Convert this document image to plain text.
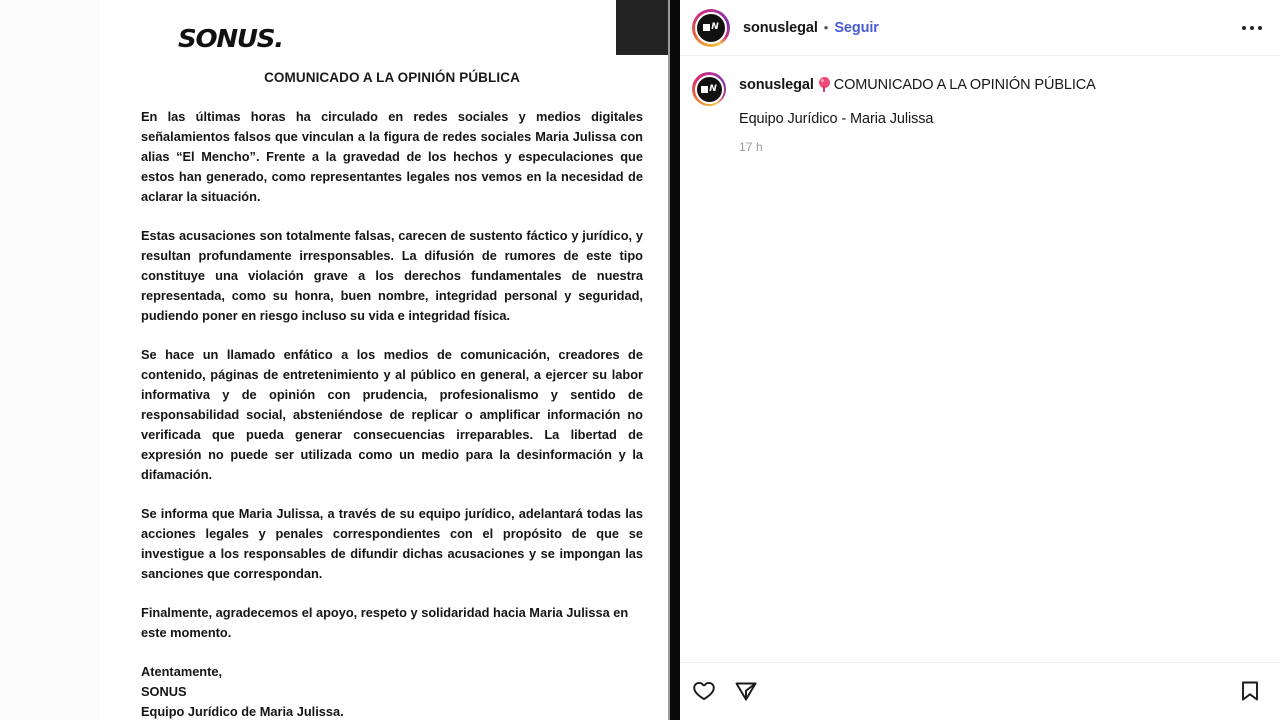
SONUS.
COMUNICADO A LA OPINIÓN PÚBLICA

En las últimas horas ha circulado en redes sociales y medios digitales señalamientos falsos que vinculan a la figura de redes sociales Maria Julissa con alias “El Mencho”. Frente a la gravedad de los hechos y especulaciones que estos han generado, como representantes legales nos vemos en la necesidad de aclarar la situación.

Estas acusaciones son totalmente falsas, carecen de sustento fáctico y jurídico, y resultan profundamente irresponsables. La difusión de rumores de este tipo constituye una violación grave a los derechos fundamentales de nuestra representada, como su honra, buen nombre, integridad personal y seguridad, pudiendo poner en riesgo incluso su vida e integridad física.

Se hace un llamado enfático a los medios de comunicación, creadores de contenido, páginas de entretenimiento y al público en general, a ejercer su labor informativa y de opinión con prudencia, profesionalismo y sentido de responsabilidad social, absteniéndose de replicar o amplificar información no verificada que pueda generar consecuencias irreparables. La libertad de expresión no puede ser utilizada como un medio para la desinformación y la difamación.

Se informa que Maria Julissa, a través de su equipo jurídico, adelantará todas las acciones legales y penales correspondientes con el propósito de que se investigue a los responsables de difundir dichas acusaciones y se impongan las sanciones que correspondan.

Finalmente, agradecemos el apoyo, respeto y solidaridad hacia Maria Julissa en este momento.

Atentamente,

SONUS

Equipo Jurídico de Maria Julissa.

N sonuslegal • Seguir
N sonuslegal COMUNICADO A LA OPINIÓN PÚBLICA
Equipo Jurídico - Maria Julissa
17 h
